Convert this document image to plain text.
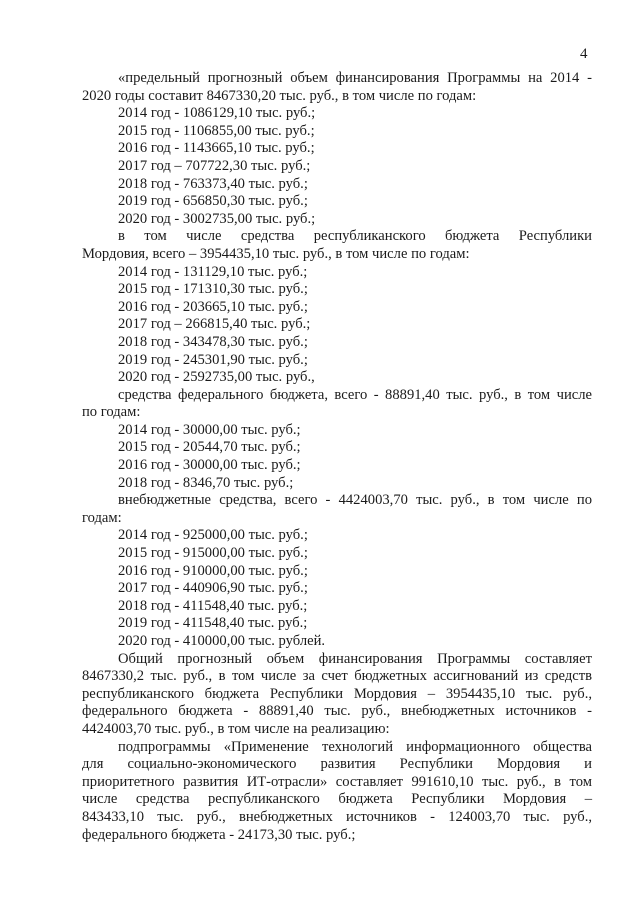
4
«предельный прогнозный объем финансирования Программы на 2014 -
2020 годы составит 8467330,20 тыс. руб., в том числе по годам:
2014 год - 1086129,10 тыс. руб.;
2015 год - 1106855,00 тыс. руб.;
2016 год - 1143665,10 тыс. руб.;
2017 год – 707722,30 тыс. руб.;
2018 год - 763373,40 тыс. руб.;
2019 год - 656850,30 тыс. руб.;
2020 год - 3002735,00 тыс. руб.;
в том числе средства республиканского бюджета Республики
Мордовия, всего – 3954435,10 тыс. руб., в том числе по годам:
2014 год - 131129,10 тыс. руб.;
2015 год - 171310,30 тыс. руб.;
2016 год - 203665,10 тыс. руб.;
2017 год – 266815,40 тыс. руб.;
2018 год - 343478,30 тыс. руб.;
2019 год - 245301,90 тыс. руб.;
2020 год - 2592735,00 тыс. руб.,
средства федерального бюджета, всего - 88891,40 тыс. руб., в том числе
по годам:
2014 год - 30000,00 тыс. руб.;
2015 год - 20544,70 тыс. руб.;
2016 год - 30000,00 тыс. руб.;
2018 год - 8346,70 тыс. руб.;
внебюджетные средства, всего - 4424003,70 тыс. руб., в том числе по
годам:
2014 год - 925000,00 тыс. руб.;
2015 год - 915000,00 тыс. руб.;
2016 год - 910000,00 тыс. руб.;
2017 год - 440906,90 тыс. руб.;
2018 год - 411548,40 тыс. руб.;
2019 год - 411548,40 тыс. руб.;
2020 год - 410000,00 тыс. рублей.
Общий прогнозный объем финансирования Программы составляет
8467330,2 тыс. руб., в том числе за счет бюджетных ассигнований из средств
республиканского бюджета Республики Мордовия – 3954435,10 тыс. руб.,
федерального бюджета - 88891,40 тыс. руб., внебюджетных источников -
4424003,70 тыс. руб., в том числе на реализацию:
подпрограммы «Применение технологий информационного общества
для социально-экономического развития Республики Мордовия и
приоритетного развития ИТ-отрасли» составляет 991610,10 тыс. руб., в том
числе средства республиканского бюджета Республики Мордовия –
843433,10 тыс. руб., внебюджетных источников - 124003,70 тыс. руб.,
федерального бюджета - 24173,30 тыс. руб.;
